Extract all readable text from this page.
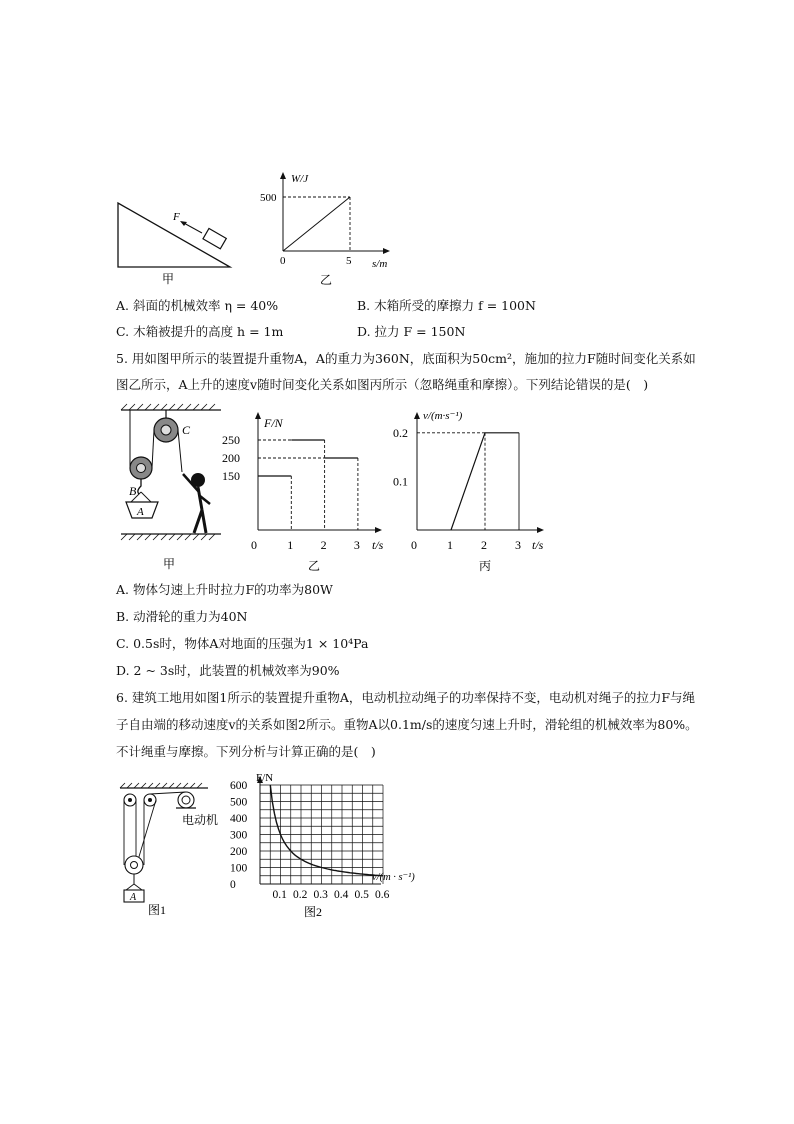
F
甲
W/J
s/m
0
500
5
乙
A. 斜面的机械效率 η = 40%	B. 木箱所受的摩擦力 f = 100N
C. 木箱被提升的高度 h = 1m	D. 拉力 F = 150N
5. 用如图甲所示的装置提升重物A，A的重力为360N，底面积为50cm²，施加的拉力F随时间变化关系如
图乙所示，A上升的速度v随时间变化关系如图丙所示（忽略绳重和摩擦）。下列结论错误的是(　)
B
C
A
甲
F/N
t/s
0
250
200
150
1 2 3
乙
v/(m·s⁻¹)
t/s
0
0.2
0.1
1 2 3
丙
A. 物体匀速上升时拉力F的功率为80W
B. 动滑轮的重力为40N
C. 0.5s时，物体A对地面的压强为1 × 10⁴Pa
D. 2 ~ 3s时，此装置的机械效率为90%
6. 建筑工地用如图1所示的装置提升重物A，电动机拉动绳子的功率保持不变，电动机对绳子的拉力F与绳
子自由端的移动速度v的关系如图2所示。重物A以0.1m/s的速度匀速上升时，滑轮组的机械效率为80%。
不计绳重与摩擦。下列分析与计算正确的是(　)
电动机
A
图1
F/N
v/(m · s⁻¹)
600
500
400
300
200
100
0
0.1 0.2 0.3 0.4 0.5 0.6
图2
